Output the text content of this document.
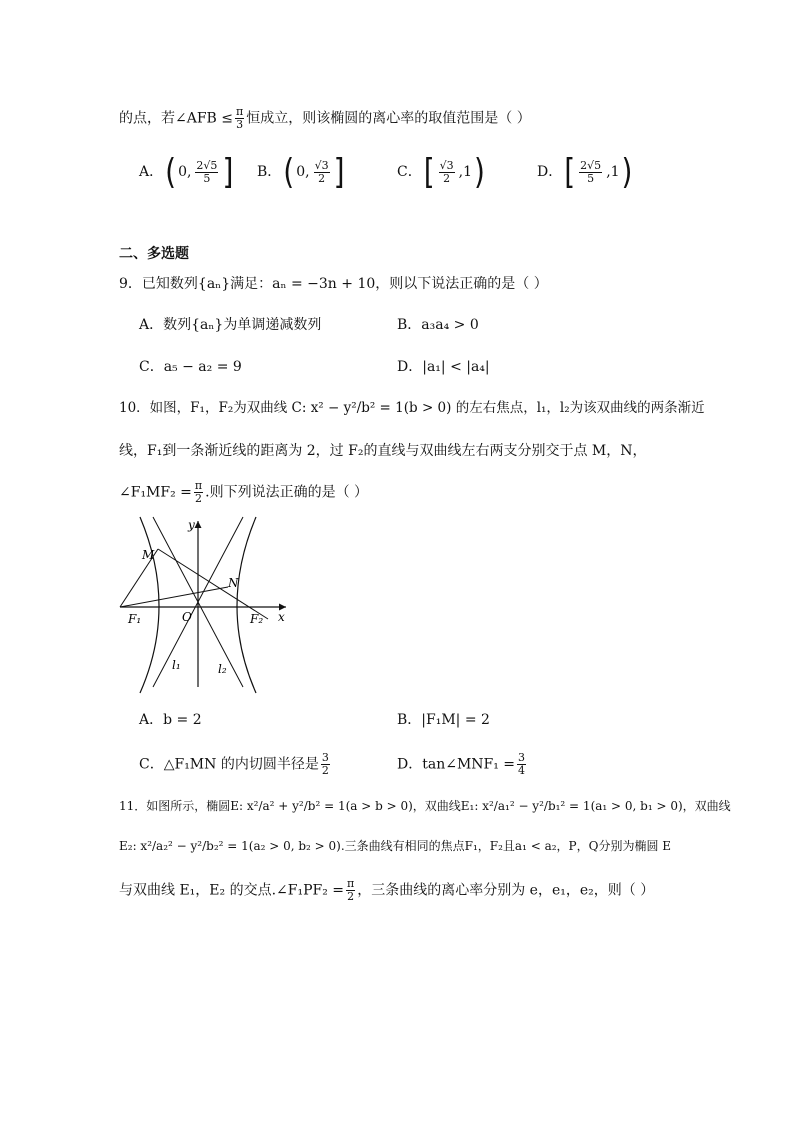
的点，若∠AFB ≤ $\frac{\pi}{3}$ 恒成立，则该椭圆的离心率的取值范围是（ ）
A． ( 0, $\frac{2√5}{5}$ ] B． ( 0, $\frac{√3}{2}$ ]	C． [ $\frac{√3}{2} ,1$ )	D． [ $\frac{2√5}{5} ,1$ )
二、多选题
9．已知数列{aₙ}满足：aₙ = −3n + 10，则以下说法正确的是（ ）
A．数列{aₙ}为单调递减数列	B．a₃a₄ > 0
C．a₅ − a₂ = 9	D．|a₁| < |a₄|
10．如图，F₁，F₂为双曲线 C: x² − y²/b² = 1(b > 0) 的左右焦点，l₁，l₂为该双曲线的两条渐近
线，F₁到一条渐近线的距离为 2，过 F₂的直线与双曲线左右两支分别交于点 M，N，
∠F₁MF₂ = $\frac{\pi}{2}$ .则下列说法正确的是（ ）
y
x
M
N
O
F₁	F₂
l₁	l₂
A．b = 2	B．|F₁M| = 2
C．△F₁MN 的内切圆半径是 $\frac{3}{2}$	D．tan∠MNF₁ = $\frac{3}{4}$
11．如图所示，椭圆E: x²/a² + y²/b² = 1(a > b > 0)，双曲线E₁: x²/a₁² − y²/b₁² = 1(a₁ > 0, b₁ > 0)，双曲线
E₂: x²/a₂² − y²/b₂² = 1(a₂ > 0, b₂ > 0).三条曲线有相同的焦点F₁，F₂且a₁ < a₂，P，Q分别为椭圆 E
与双曲线 E₁，E₂ 的交点.∠F₁PF₂ = $\frac{\pi}{2}$ ，三条曲线的离心率分别为 e，e₁，e₂，则（ ）
